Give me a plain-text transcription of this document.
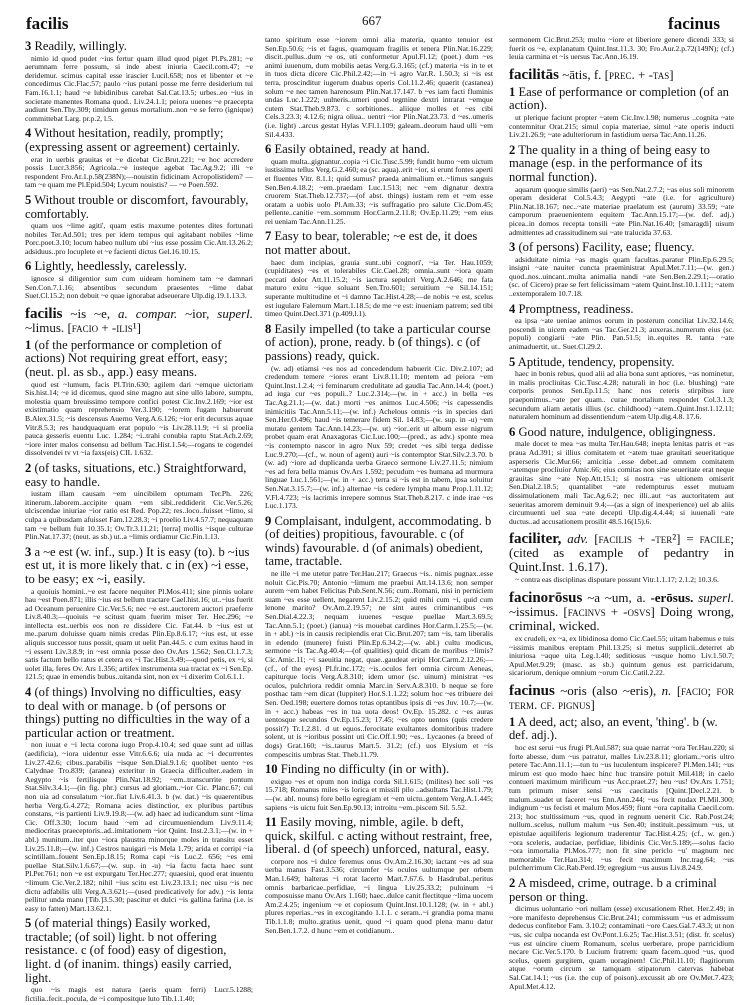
facilis	667	facinus
3 Readily, willingly.
nimio id quod pudet ~ius fertur quam illud quod piget Pl.Ps.281; ~e aerumnam ferre possum, si inde abest iniuria Caecil.com.47; ~e deridemur. scimus capital esse irascier Lucil.658; nos et libenter et ~e concedimus Cic.Flac.57; paulo ~ius putani posse me ferre desiderium tui Fam.16.1.1; haud ~e lubidinibus carebat Sal.Cat.13.5; urbes..eo ~ius in societate manentes Romana quod.. Liv.24.1.1; peiora uuenes ~e praecepta audiunt Sen.Thy.309; timidum genus mortalium..non ~e se ferro (ignique) committebat Larg. pr.p.2, l.5.
4 Without hesitation, readily, promptly; (expressing assent or agreement) certainly.
erat in uerbis grauitas et ~e dicebat Cic.Brut.221; ~e hoc accredere possis Lucr.3.856; Agricola..~e iusteque agebat Tac.Ag.9.2; illi ~e respondent Fro.Ar.1.p.58(238N);—nouistin fidicinam Acropolistidem? —tam ~e quam me Pl.Epid.504; Lycum nouistis? — ~e Poen.592.
5 Without trouble or discomfort, favourably, comfortably.
quam uos ~lime agiti', quam estis maxume potentes dites fortunati nobiles Ter.Ad.501; tres per idem tempus qui agitabant nobiles ~lime Porc.poet.3.10; locum habeo nullum ubi ~ius esse possim Cic.Att.13.26.2; adsiduus..pro locuplete et ~e facienti dictus Gel.16.10.15.
6 Lightly, heedlessly, carelessly.
ignosce si diligentior sum cum uideam hominem tam ~e damnari Sen.Con.7.1.16; absentibus secundum praesentes ~lime dabat Suet.Cl.15.2; non debuit ~e quae ignorabat adseuerare Ulp.dig.19.1.13.3.
facilis ~is ~e, a. compar. ~ior, superl. ~limus. [facio + -ilis¹]
1 (of the performance or completion of actions) Not requiring great effort, easy; (neut. pl. as sb., app.) easy means.
quod est ~lumum, facis Pl.Trin.630; agilem dari ~emque uictoriam Sis.hist.14; ~e id dicemus, quod sine magno aut sine ullo labore, sumptu, molestia quam breuissimo tempore confici potest Cic.Inv.2.169; ~ior est existimatio quam reprehensio Ver.3.190; ~lorem fugam habuerunt B.Alex.31.5; ~is descensus Auerno Verg.A.6.126; ~ior erit decursus aquae Vitr.8.5.3; res haudquaquam erat populo ~is Liv.28.11.9; ~i si proelia pauca gesseris euentu Luc. 1.284; ~i..trahi conubia raptu Stat.Ach.2.69; ~iore inter malos consensu ad bellum Tac.Hist.1.54;—rogans te cogendei dissolvendei tv vt ~ia faxs(eis) CIL 1.632.
2 (of tasks, situations, etc.) Straightforward, easy to handle.
iustam illam causam ~em uincibilem optumam Ter.Ph. 226; itinerum..laborem..accipite quam ~em sibi..reddiderit Cic.Ver.5.26; ulciscendae iniuriae ~ior ratio est Red. Pop.22; res..loco..fuisset ~limo, si culpa a quibusdam afuisset Fam.12.28.3; ~i proelio Liv.4.57.7; nequaquam tam ~e bellum fuit 10.35.1; Ov.Tr.3.11.21; [terra] mollis ~isque culturae Plin.Nat.17.37; (neut. as sb.) ut..a ~limis ordiamur Cic.Fin.1.13.
3 a ~e est (w. inf., sup.) It is easy (to). b ~ius est ut, it is more likely that. c in (ex) ~i esse, to be easy; ex ~i, easily.
a quoiuis homini..~e est facere nequiter Pl.Mos.411; sine pinnis uolare hau ~est Poen.871; illis ~ius est bellum tractare Cael.hist.16; ut..~ius fuerit ad Oceanum peruenire Cic.Ver.5.6; nec ~e est..auctorem auctori praeferre Liv.8.40.3;—quoiuis ~e scitust quam fuerim miser Ter. Hec.296; ~e intellecta est..uerbis eos non re dissidere Cic. Fat.44. b ~ius est ut me..parum doluisse quam nimis credas Plin.Ep.8.6.17; ~ius est, ut esse aliquis successor tuus possit, quam ut uelit Pan.44.5. c cum exitus haud in ~i essent Liv.3.8.9; in ~est omnia posse deo Ov.Ars 1.562; Sen.Cl.1.7.3; satis factum bello ratus et cetera ex ~i Tac.Hist.3.49;—quod petis, ex ~i, si uolet illa, feres Ov. Ars 1.356; artifex instrumenta sua tractat ex ~i Sen.Ep. 121.5; quae in emendis bubus..uitanda sint, non ex ~i dixerim Col.6.1.1.
4 (of things) Involving no difficulties, easy to deal with or manage. b (of persons or things) putting no difficulties in the way of a particular action or treatment.
non iuuat e ~i lecta corona iugo Prop.4.10.4; sed quae sunt ad uillas (aedificia), ~iora uidentur esse Vitr.6.6.6; uia nuda ac ~i decurrentes Liv.27.42.6; cibus..parabilis ~isque Sen.Dial.9.1.6; quolibet uento ~es Calydnae Tro.839; (aranea) exteritur in Graecia difficulter..eadem in Aegypto ~is fertilisque Plin.Nat.18.92; ~em..transcurrite pontum Stat.Silv.3.4.1;—(in fig. phr.) cursus ad gloriam..~ior Cic. Planc.67; cui non uia ad consulatum ~ior..fiat Liv.6.41.3. b (w. dat.) ~is quaerentibus herba Verg.G.4.272; Romana acies distinctior, ex pluribus partibus constans, ~is partienti Liv.9.19.8;—(w. ad) haec ad iudicandum sunt ~lima Cic. Off.3.30; locum haud ~em ad circumueniendum Liv.9.11.4; mediocritas praeceptoris..ad..imitationem ~ior Quint. Inst.2.3.1;—(w. in + abl.) munitum..iter quo ~iora plaustra minorque moles in transitu esset Liv.25.11.8;—(w. inf.) Cestros nauigari ~is Mela 1.79; arida et corripi ~ia scintillam..fouent Sen.Ep.18.15; Roma capi ~is Luc.2. 656; ~es emi puellae Stat.Silv.1.6.67;—(w. sup. in -u) ~ia factu facta haec sunt Pl.Per.761; non ~e est expurgatu Ter.Hec.277; quaesiui, quod erat inuentu ~limum Cic.Ver.2.182; nihil ~ius scitu est Liv.23.13.1; nec uisu ~is nec dictu adfabilis ulli Verg.A.3.621;—(used predicatively for adv.) ~is lenta pellitur unda manu [Tib.]3.5.30; pascitur et dulci ~is gallina farina (i.e. is easy to fatten) Mart.13.62.1.
5 (of material things) Easily worked, tractable; (of soil) light. b not offering resistance. c (of food) easy of digestion, light. d (of inanim. things) easily carried, light.
quo ~is magis est natura (aeris quam ferri) Lucr.5.1288; fictilia..fecit..pocula, de ~i compositque luto Tib.1.1.40;
tanto spiritum esse ~iorem omni alia materia, quanto tenuior est Sen.Ep.50.6; ~is et fagus, quamquam fragilis et tenera Plin.Nat.16.229; discit..pullus..dum ~e os, uti conformetur Apul.Fl.12; (poet.) dum ~es animi iuuenum, dum mobilis aetas Verg.G.3.165; (cf.) materia ~is in te et in tuos dicta dicere Cic.Phil.2.42;—in ~i agro Var.R. 1.50.3; si ~is est terra, proscinditur iugerum duabus operis Col.11.2.46; quaerit (castanea) solum ~e nec tamen harenosum Plin.Nat.17.147. b ~es iam facti fluminis undas Luc.1.222; uulneris..umeri quod tegmine dextri intrarat ~emque cutem Stat.Theb.9.873. c sorbitiones.. aliique molles et ~es cibi Cels.3.23.3; 4.12.6; nigra oliua.. uentri ~ior Plin.Nat.23.73. d ~es..umeris (i.e. light) ..arcus gestat Hylas V.Fl.1.109; galeam..deorum haud ulli ~em Sil.4.433.
6 Easily obtained, ready at hand.
quam multa..gignantur..copia ~i Cic.Tusc.5.99; fundit humo ~em uictum iustissima tellus Verg.G.2.460; ea (sc. aqua)..erit ~ior, si erunt fontes aperti et fluentes Vitr. 8.1.1; quid sumus? praeda animalium et..~limus sanguis Sen.Ben.4.18.2; ~em..praedam Luc.1.513; nec ~em dignatur dextra cruorem Stat.Theb.12.737;—(of abst. things) iustam rem et ~em esse oratam a uobis uolo Pl.Am.33; ~is suffragatio pro salute Cic.Dom.45; pellente..canitie ~em..somnum Hor.Carm.2.11.8; Ov.Ep.11.29; ~em eius rei ueniam Tac.Ann.11.25.
7 Easy to bear, tolerable; ~e est de, it does not matter about.
haec dum incipias, grauia sunt..ubi cognori', ~ia Ter. Hau.1059; (cupiditates) ~es et tolerabiles Cic.Cael.28; omnia..sunt ~iora quam peccati dolor Att.11.15.2; ~is iactura sepulcri Verg.A.2.646; me fata maturo exitu ~ique soluant Sen.Tro.601; seruitium ~e Sil.14.151; superante multitudine et ~i damno Tac.Hist.4.28;—de nobis ~e est, scelus est iugulare Falernum Mart.1.18.5; de me ~e est: inueniam patrem; sed tibi timeo Quint.Decl.371 (p.409,l.1).
8 Easily impelled (to take a particular course of action), prone, ready. b (of things). c (of passions) ready, quick.
(w. ad) etiamsi ~es nos ad concedendum habuerit Cic. Div.2.107; ad credendum temere ~iores erant Liv.8.11.10; mentem ad peiora ~em Quint.Inst.1.2.4; ~i feminarum credulitate ad gaudia Tac.Ann.14.4; (poet.) ad iuga cur ~es populi..? Luc.2.314;—(w. in + acc.) in bella ~es Tac.Ag.21.1;—(w. dat.) morti ~es animos Luc.4.506; ~is capessendis inimicitiis Tac.Ann.5.11;—(w. inf.) Achelous omnis ~is in species dari Sen.Her.O.496; haud ~is temerare fidem Sil. 14.83;—(w. sup. in -u) ~em mutatu gentem Tac.Ann.14.23;—(w. ut) ~ior..erit ut album esse nigrum probet quam erat Anaxagoras Cic.Luc.100;—(pred., as adv.) sponte mea ~is contempto nascor in agro Nux 59; credet ~es sibi terga dedisse Luc.9.270;—(cf., w. noun of agent) auri ~is contemptor Stat.Silv.2.3.70. b (w. ad) ~iore ad duplicanda uerba Graeco sermone Liv.27.11.5; nimium ~es ad fera bella manus Ov.Ars 1.592; pecudum ~es humana ad murmura linguae Luc.1.561;—(w. in + acc.) terra si ~is est in tabem, ipsa soluitur Sen.Nat.3.15.7;—(w. inf.) alternae ~is cedere lympha manu Prop.1.11.12; V.Fl.4.723; ~is lacrimis inrepere somnus Stat.Theb.8.217. c inde irae ~es Luc.1.173.
9 Complaisant, indulgent, accommodating. b (of deities) propitious, favourable. c (of winds) favourable. d (of animals) obedient, tame, tractable.
ne ille ~i me utetur patre Ter.Hau.217; Graecus ~is.. nimis pugnax..esse noluit Cic.Pis.70; Antonio ~limum me praebui Att.14.13.6; non semper aurem ~em habet Felicitas Pub.Sent.N.56; cum..Romani, nisi in perniciem suam ~es esse uellent, negarent Liv.2.15.2; quid mihi cum ~i, quid cum lenone marito? Ov.Am.2.19.57; ne sint aures criminantibus ~es Sen.Dial.4.22.3; nequam iuuenes ~esque puellae Mart.3.69.5; Tac.Ann.5.1; (poet.) (ianua) ~is mouebat cardines Hor.Carm.1.25.5;—(w. in + abl.) ~is in causis recipiendis erat Cic.Brut.207; tam ~is, tam liberalis in edendo (munere) fuisti Plin.Ep.6.34.2;—(w. abl.) cultu modicus, sermone ~is Tac.Ag.40.4;—(of qualities) quid dicam de moribus ~limis? Cic.Amic.11; ~i saeuitia negat, quae..gaudeat eripi Hor.Carm.2.12.26;—(cf., of the eyes) Pl.fr.inc.172; ~is..oculos fert omnia circum Aeneas, capiturque locis Verg.A.8.310; idem umor (sc. uinum) ministrat ~es oculos, pulchriora reddit omnia Marc.in Serv.A.8.310. b neque se fore posthac tam ~em dicat (Iuppiter) Hor.S.1.1.22; solum hoc ~es tribuere dei Sen. Oed.198; euertere domos totas optantibus ipsis di ~es Juv. 10.7;—(w. in + acc.) habeas ~es in tua uota deos! Ov.Ep. 15.282. c ~es auras uentosque secundos Ov.Ep.15.23; 17.45; ~es opto uentos (quis credere possit?) Tr.1.2.81. d ut equos..ferocitate exultantes domitoribus tradere solent, ut is ~ioribus possint uti Cic.Off.1.90; ~es.. Lycaones (a breed of dogs) Grat.160; ~is..taurus Mart.5. 31.2; (cf.) uos Elysium et ~is compescitis umbras Stat. Theb.11.79.
10 Finding no difficulty (in or with).
exiguo ~es et opum non indiga corda Sil.1.615; (milites) hec soli ~es 15.718; Romanus miles ~is lorica et missili pilo ..adsultans Tac.Hist.1.79;—(w. abl. nouns) fore bello egregiam et ~em uictu..gentem Verg.A.1.445; sapiens ~is uictu fuit Sen.Ep.90.13; introitu ~em..piscem Sil. 5.52.
11 Easily moving, nimble, agile. b deft, quick, skilful. c acting without restraint, free, liberal. d (of speech) unforced, natural, easy.
corpore nos ~i dulce feremus onus Ov.Am.2.16.30; iactant ~es ad sua uerba manus Fast.3.536; circumfer ~is oculos uultumque per orbem Man.1.649; halteras ~i rotat lacerto Mart.7.67.6. b Hasdrubal..peritus omnis barbaricae..perfidiae, ~i lingua Liv.25.33.2; puluinum ~i composuisse manu Ov.Ars 1.160; haec..dulce canit flectitque ~lima uocem Am.2.4.25; ingenium ~e et copiosum Quint.Inst.10.1.128; (w. in + abl.) plures reperias..~es in excogitando 1.1.1. c seram..~i grandia poma manu Tib.1.1.8; multo..gratius uenit, quod ~i quam quod plena manu datur Sen.Ben.1.7.2. d hunc ~em et cotidianum..
sermonem Cic.Brut.253; multo ~iore et liberiore genere dicendi 333; si fuerit os ~e, explanatum Quint.Inst.11.3. 30; Fro.Aur.2.p.72(149N); (cf.) leuia carmina et ~is uersus Tac.Ann.16.19.
facilitās ~ātis, f. [prec. + -tas]
1 Ease of performance or completion (of an action).
ut plerique faciunt propter ~atem Cic.Inv.1.98; numerus ..cognita ~ate contemnitur Orat.215; simul copia materiae, simul ~ate operis inducti Liv.21.26.9; ~ate adulteriorum in fastidium uersa Tac.Ann.11.26.
2 The quality in a thing of being easy to manage (esp. in the performance of its normal function).
aquarum quoque similis (aeri) ~as Sen.Nat.2.7.2; ~as eius soli minorem operam desiderat Col.5.4.3; Aegypti ~ate (i.e. for agriculture) Plin.Nat.18.167; nec..~ate materiae praelatum est (aurum) 33.59; ~ate camporum praeuenientem equitem Tac.Ann.15.17;—(w. def. adj.) picea..in domos recepta tonsili ~ate Plin.Nat.16.40; [smaragdi] uisum admittentes ad crassitudinem sui ~ate tralucida 37.63.
3 (of persons) Facility, ease; fluency.
adsiduitate nimia ~as magis quam facultas..paratur Plin.Ep.6.29.5; insigni ~ate nauiter cuncta praeministrat Apul.Met.7.11;—(w. gen.) quod..nos..uincant..multa animalia nandi ~ate Sen.Ben.2.29.1;—oratio (sc. of Cicero) prae se fert felicissimam ~atem Quint.Inst.10.1.111; ~atem ..extemporalem 10.7.18.
4 Promptness, readiness.
ea ipsa ~ate ueniae animos eorum in posterum conciliat Liv.32.14.6; poscendi in uicem eadem ~as Tac.Ger.21.3; auxeras..numerum eius (sc. populi) congiarii ~ate Plin. Pan.51.5; in..equites R. tanta ~ate animaduertit, ut.. Suet.Cl.29.2.
5 Aptitude, tendency, propensity.
haec in bonis rebus, quod alii ad alia bona sunt aptiores, ~as nominetur, in malis procliuitas Cic.Tusc.4.28; naturali in hoc (i.e. blushing) ~ate corporis pronos Sen.Ep.11.5; hanc nos ceteris stirpibus iure praeponimus..~ate per quam.. curae mortalium respondet Col.3.1.3; secundum aliam aetatis illius (sc. childhood) ~atem..Quint.Inst.1.12.11; naturalem hominum ad dissentiendum ~atem Ulp.dig.4.8. 17.6.
6 Good nature, indulgence, obligingness.
male docet te mea ~as multa Ter.Hau.648; inepta lenitas patris et ~as praua Ad.391; si illius comitatem et ~atem tuae grauitati seueritatique asperseris Cic.Mur.66; amicitia ..esse debet..ad omnem comitatem ~atemque procliuior Amic.66; eius comitas non sine seueritate erat neque grauitas sine ~ate Nep.Att.15.1; si nostra ~as ultionem omiserit Sen.Dial.2.18.5; quantalibet ~ate redempturus esset mutuam dissimulationem mali Tac.Ag.6.2; nec illi..aut ~as auctoritatem aut seueritas amorem deminuit 9.4;—(as a sign of inexperience) uel ab aliis circumuenti uel sua ~ate decepti Ulp.dig.4.4.44; si iuuenali ~ate ductus..ad accusationem prosilit 48.5.16(15).6.
faciliter, adv. [facilis + -ter²] = facile; (cited as example of pedantry in Quint.Inst. 1.6.17).
~ contra eas disciplinas disputare possunt Vitr.1.1.17; 2.1.2; 10.3.6.
facinorōsus ~a ~um, a. -erōsus. superl. ~issimus. [facinvs + -osvs] Doing wrong, criminal, wicked.
ex crudeli, ex ~a, ex libidinosa domo Cic.Cael.55; uitam habemus e tuis ~issimis manibus ereptam Phil.13.25; si metus supplicii..deterret ab iniuriosa ~aque uita Leg.1.40; seditiosus ~usque homo Liv.1.50.7; Apul.Met.9.29; (masc. as sb.) quintum genus est parricidarum, sicariorum, denique omnium ~orum Cic.Catil.2.22.
facinus ~oris (also ~eris), n. [facio; for term. cf. pignus]
1 A deed, act; also, an event, 'thing'. b (w. def. adj.).
hoc est serui ~us frugi Pl.Aul.587; sua quae narrat ~ora Ter.Hau.220; si forte abesse, dum ~us patratur, malles Liv.23.8.11; gloriam..~oris ultro petere Tac.Ann.11.1;—tun tu ~us luculentum inspicere? Pl.Men.141; ~us mirum est quo modo haec hinc huc transire potuit Mil.418; in caelo contueri maximum mirificum ~us Acc.praet.27; heu ~us! Ov.Ars 1.751; tum primum miser sensi ~us caecitatis [Quint.]Decl.2.21. b malum..suadet ut faceret ~us Enn.Ann.244; ~us fecit nudax Pl.Mil.300; indignum ~us fecisti et malum Mos.459; fiunt ~ora capitalia Caecil.com. 213; hoc stultissimum ~us, quod in regnum uenerit Cic. Rab.Post.24; nullum..scelus, nullum malum ~us Sen.40; instituit..pessimum ~us, ut epistulae aquiliferis legionum traderentur Tac.Hist.4.25; (cf., w. gen.) ~ora sceleris, audaciae, perfidiae, libidinis Cic.Ver.5.189;—solus facio ~ora inmortalia Pl.Mos.777; non fit sine periclo ~u' magnum nec memorabile Ter.Hau.314; ~us fecit maximum Inc.trag.64; ~us pulcherrimum Cic.Rab.Perd.19; egregium ~us ausus Liv.8.24.9.
2 A misdeed, crime, outrage. b a criminal person or thing.
dicimus uoluntario ~ori nullam (esse) excusationem Rhet. Her.2.49; in ~ore manifesto deprehensus Cic.Brut.241; commissum ~us et admissum dedecus confitebor Fam. 3.10.2; contaminati ~ore Caes.Gal.7.43.3; ut non ~us, sic culpa uocanda est Ov.Pont.1.6.25; Tac.Hist.3.51; (dist. fr. scelus) ~us est uincire ciuem Romanum, scelus uerberare, prope parricidium necare Cic.Ver.5.170. b Lucium fratrem: quam facem..quod ~us, quod scelus, quem gurgitem, quam uoraginem! Cic.Phil.11.10; flagitiorum atque ~orum circum se tamquam stipatorum catervas habebat Sal.Cat.14.1; ~us (i.e. the cup of poison)..excussit ab ore Ov.Met.7.423; Apul.Met.4.12.
